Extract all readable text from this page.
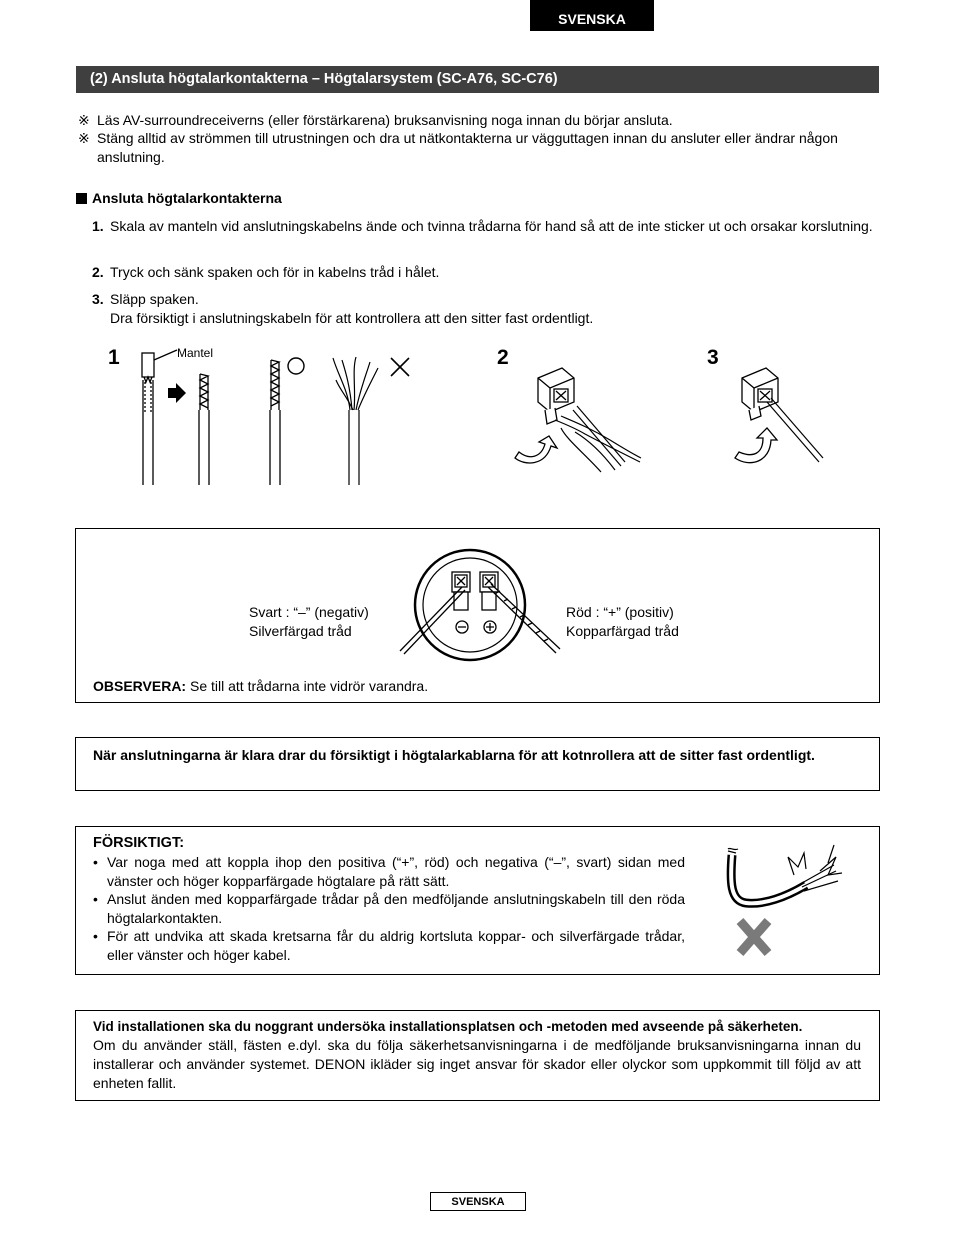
SVENSKA
(2) Ansluta högtalarkontakterna – Högtalarsystem (SC-A76, SC-C76)
※ Läs AV-surroundreceiverns (eller förstärkarena) bruksanvisning noga innan du börjar ansluta.
※ Stäng alltid av strömmen till utrustningen och dra ut nätkontakterna ur vägguttagen innan du ansluter eller ändrar någon anslutning.
Ansluta högtalarkontakterna
1. Skala av manteln vid anslutningskabelns ände och tvinna trådarna för hand så att de inte sticker ut och orsakar korslutning.
2. Tryck och sänk spaken och för in kabelns tråd i hålet.
3. Släpp spaken.
Dra försiktigt i anslutningskabeln för att kontrollera att den sitter fast ordentligt.
1	Mantel	2	3
Svart : “–” (negativ)
Silverfärgad tråd
Röd : “+” (positiv)
Kopparfärgad tråd
OBSERVERA: Se till att trådarna inte vidrör varandra.
När anslutningarna är klara drar du försiktigt i högtalarkablarna för att kotnrollera att de sitter fast ordentligt.
FÖRSIKTIGT:
• Var noga med att koppla ihop den positiva (“+”, röd) och negativa (“–”, svart) sidan med vänster och höger kopparfärgade högtalare på rätt sätt.
• Anslut änden med kopparfärgade trådar på den medföljande anslutningskabeln till den röda högtalarkontakten.
• För att undvika att skada kretsarna får du aldrig kortsluta koppar- och silverfärgade trådar, eller vänster och höger kabel.
Vid installationen ska du noggrant undersöka installationsplatsen och -metoden med avseende på säkerheten.
Om du använder ställ, fästen e.dyl. ska du följa säkerhetsanvisningarna i de medföljande bruksanvisningarna innan du installerar och använder systemet. DENON ikläder sig inget ansvar för skador eller olyckor som uppkommit till följd av att enheten fallit.
SVENSKA
